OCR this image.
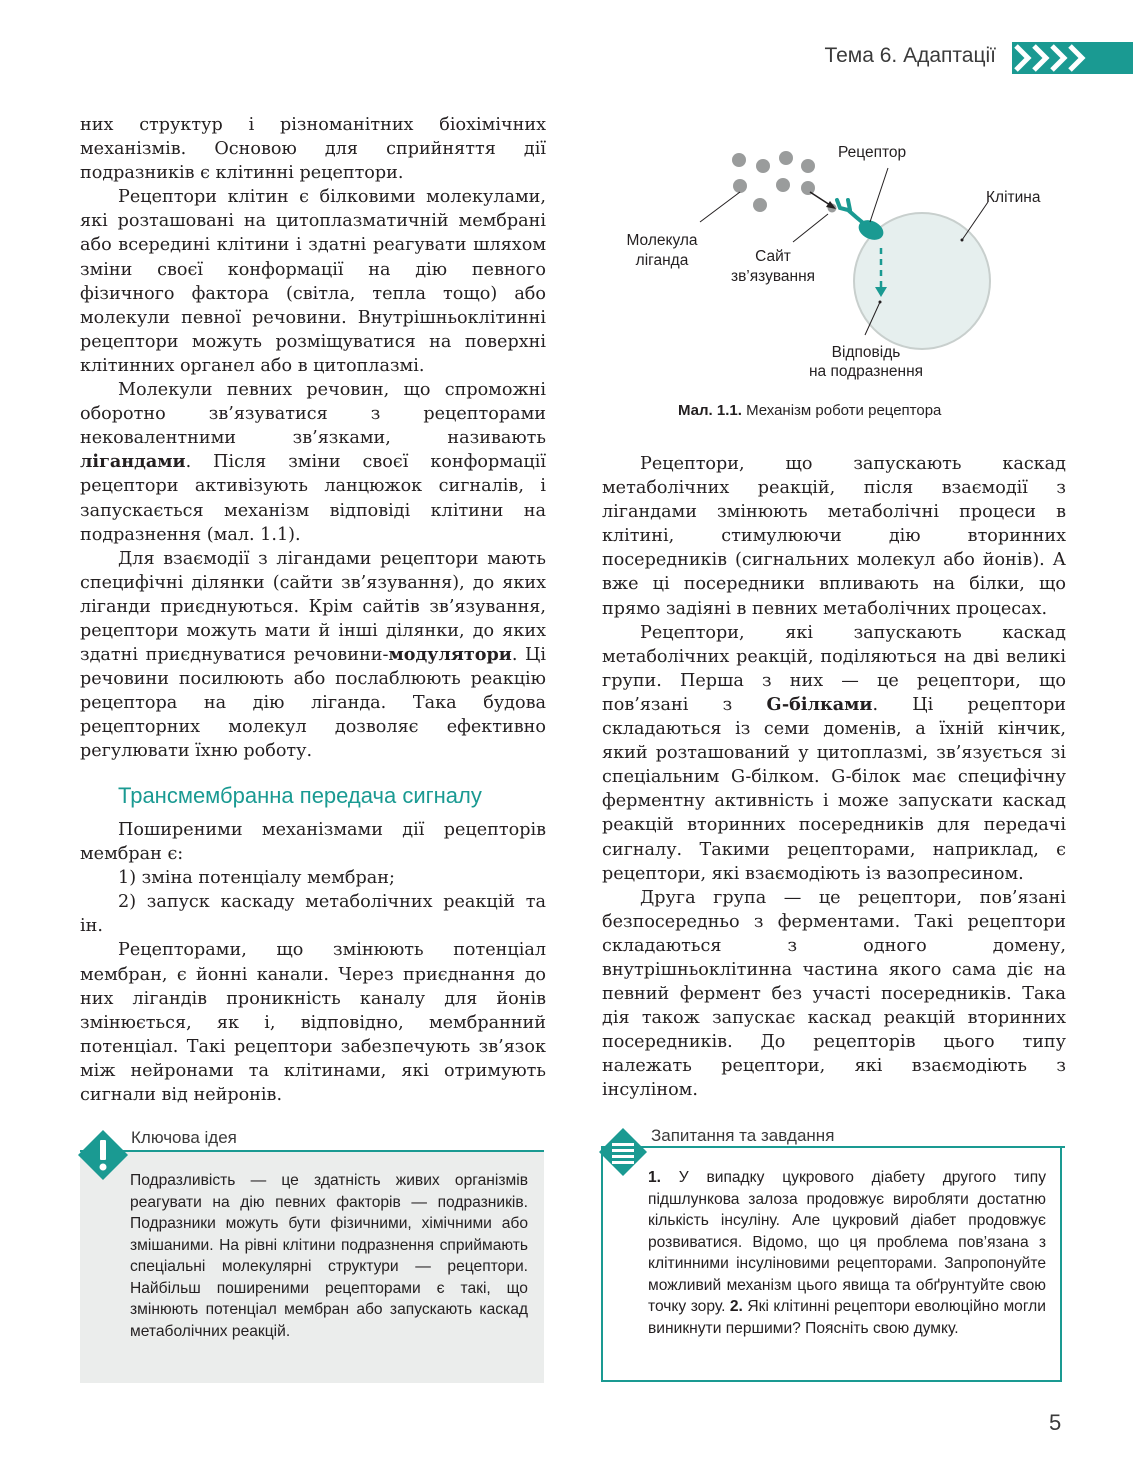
Тема 6. Адаптації

них структур і різноманітних біохімічних механізмів. Основою для сприйняття дії подразників є клітинні рецептори.

Рецептори клітин є білковими молекулами, які розташовані на цитоплазматичній мембрані або всередині клітини і здатні реагувати шляхом зміни своєї конформації на дію певного фізичного фактора (світла, тепла тощо) або молекули певної речовини. Внутрішньоклітинні рецептори можуть розміщуватися на поверхні клітинних органел або в цитоплазмі.

Молекули певних речовин, що спроможні оборотно зв’язуватися з рецепторами нековалентними зв’язками, називають лігандами. Після зміни своєї конформації рецептори активізують ланцюжок сигналів, і запускається механізм відповіді клітини на подразнення (мал. 1.1).

Для взаємодії з лігандами рецептори мають специфічні ділянки (сайти зв’язування), до яких ліганди приєднуються. Крім сайтів зв’язування, рецептори можуть мати й інші ділянки, до яких здатні приєднуватися речовини-модулятори. Ці речовини посилюють або послаблюють реакцію рецептора на дію ліганда. Така будова рецепторних молекул дозволяє ефективно регулювати їхню роботу.

Трансмембранна передача сигналу

Поширеними механізмами дії рецепторів мембран є:

1) зміна потенціалу мембран;

2) запуск каскаду метаболічних реакцій та ін.

Рецепторами, що змінюють потенціал мембран, є йонні канали. Через приєднання до них лігандів проникність каналу для йонів змінюється, як і, відповідно, мембранний потенціал. Такі рецептори забезпечують зв’язок між нейронами та клітинами, які отримують сигнали від нейронів.

Рецептор
Клітина
Молекула
ліганда	Сайт
зв’язування
Відповідь
на подразнення
Мал. 1.1. Механізм роботи рецептора

Рецептори, що запускають каскад метаболічних реакцій, після взаємодії з лігандами змінюють метаболічні процеси в клітині, стимулюючи дію вторинних посередників (сигнальних молекул або йонів). А вже ці посередники впливають на білки, що прямо задіяні в певних метаболічних процесах.

Рецептори, які запускають каскад метаболічних реакцій, поділяються на дві великі групи. Перша з них — це рецептори, що пов’язані з G-білками. Ці рецептори складаються із семи доменів, а їхній кінчик, який розташований у цитоплазмі, зв’язується зі спеціальним G-білком. G-білок має специфічну ферментну активність і може запускати каскад реакцій вторинних посередників для передачі сигналу. Такими рецепторами, наприклад, є рецептори, які взаємодіють із вазопресином.

Друга група — це рецептори, пов’язані безпосередньо з ферментами. Такі рецептори складаються з одного домену, внутрішньоклітинна частина якого сама діє на певний фермент без участі посередників. Така дія також запускає каскад реакцій вторинних посередників. До рецепторів цього типу належать рецептори, які взаємодіють з інсуліном.

Ключова ідея

Подразливість — це здатність живих організмів реагувати на дію певних факторів — подразників. Подразники можуть бути фізичними, хімічними або змішаними. На рівні клітини подразнення сприймають спеціальні молекулярні структури — рецептори. Найбільш поширеними рецепторами є такі, що змінюють потенціал мембран або запускають каскад метаболічних реакцій.

Запитання та завдання

1. У випадку цукрового діабету другого типу підшлункова залоза продовжує виробляти достатню кількість інсуліну. Але цукровий діабет продовжує розвиватися. Відомо, що ця проблема пов’язана з клітинними інсуліновими рецепторами. Запропонуйте можливий механізм цього явища та обґрунтуйте свою точку зору. 2. Які клітинні рецептори еволюційно могли виникнути першими? Поясніть свою думку.

5
